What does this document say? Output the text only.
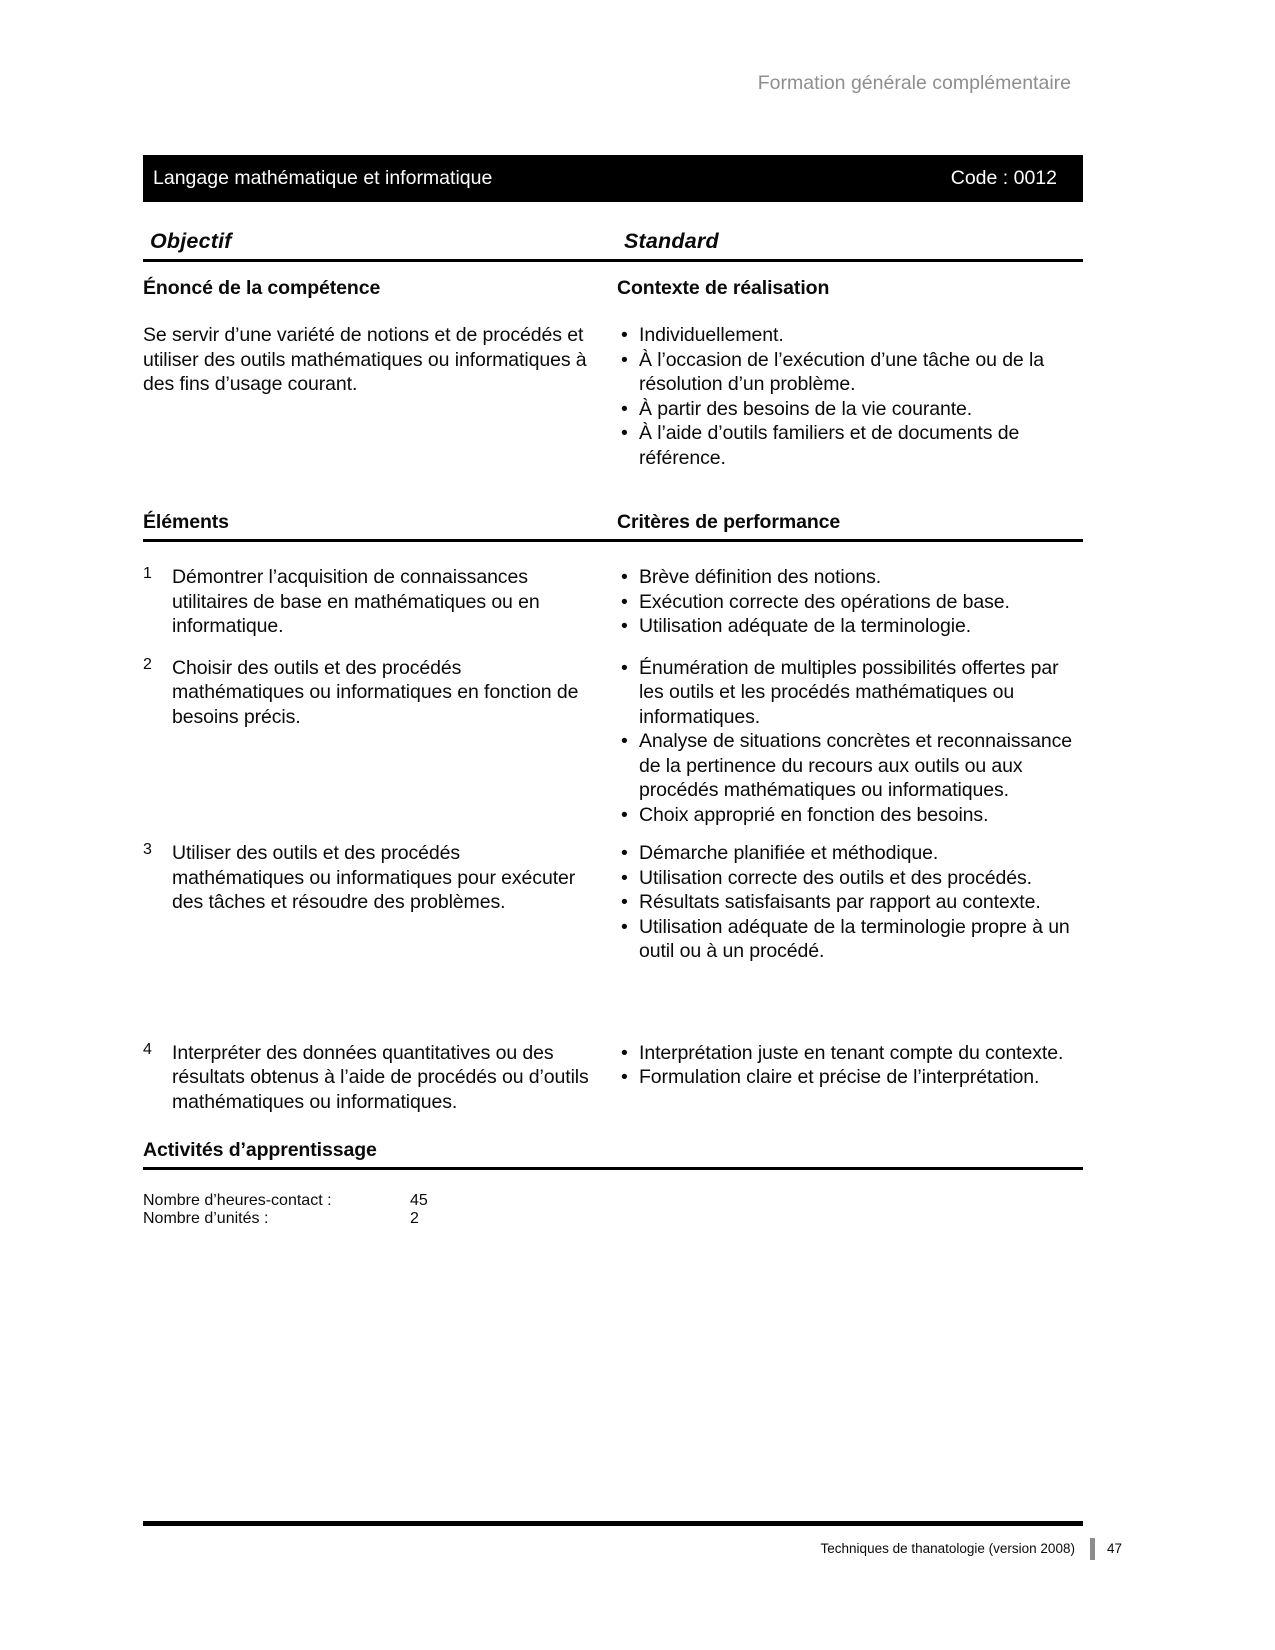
Formation générale complémentaire
Langage mathématique et informatique	Code : 0012
Objectif	Standard
Énoncé de la compétence	Contexte de réalisation

Se servir d’une variété de notions et de procédés et utiliser des outils mathématiques ou informatiques à des fins d’usage courant.

• Individuellement.
• À l’occasion de l’exécution d’une tâche ou de la résolution d’un problème.
• À partir des besoins de la vie courante.
• À l’aide d’outils familiers et de documents de référence.
Éléments	Critères de performance
1	Démontrer l’acquisition de connaissances utilitaires de base en mathématiques ou en informatique.

• Brève définition des notions.
• Exécution correcte des opérations de base.
• Utilisation adéquate de la terminologie.
2	Choisir des outils et des procédés mathématiques ou informatiques en fonction de besoins précis.

• Énumération de multiples possibilités offertes par les outils et les procédés mathématiques ou informatiques.
• Analyse de situations concrètes et reconnaissance de la pertinence du recours aux outils ou aux procédés mathématiques ou informatiques.
• Choix approprié en fonction des besoins.
3	Utiliser des outils et des procédés mathématiques ou informatiques pour exécuter des tâches et résoudre des problèmes.

• Démarche planifiée et méthodique.
• Utilisation correcte des outils et des procédés.
• Résultats satisfaisants par rapport au contexte.
• Utilisation adéquate de la terminologie propre à un outil ou à un procédé.
4	Interpréter des données quantitatives ou des résultats obtenus à l’aide de procédés ou d’outils mathématiques ou informatiques.

• Interprétation juste en tenant compte du contexte.
• Formulation claire et précise de l’interprétation.
Activités d’apprentissage
Nombre d’heures-contact :	45
Nombre d’unités :	2
Techniques de thanatologie (version 2008) 47
